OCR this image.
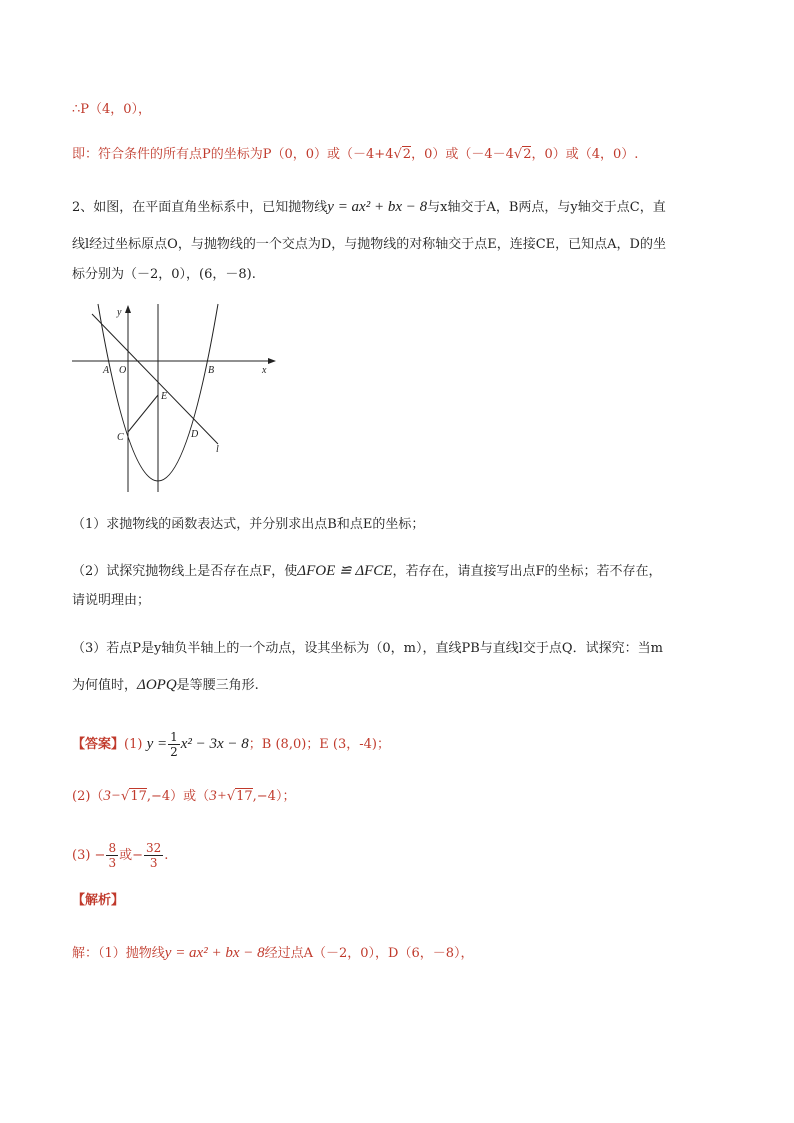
∴P（4，0），
即：符合条件的所有点P的坐标为P（0，0）或（－4+4√2，0）或（－4－4√2，0）或（4，0）.
2、如图，在平面直角坐标系中，已知抛物线y = ax² + bx − 8与x轴交于A，B两点，与y轴交于点C，直
线l经过坐标原点O，与抛物线的一个交点为D，与抛物线的对称轴交于点E，连接CE，已知点A，D的坐
标分别为（－2，0），(6，－8).
y
x
A O	B
E
C	D
l
（1）求抛物线的函数表达式，并分别求出点B和点E的坐标；
（2）试探究抛物线上是否存在点F，使ΔFOE ≌ ΔFCE，若存在，请直接写出点F的坐标；若不存在，
请说明理由；
（3）若点P是y轴负半轴上的一个动点，设其坐标为（0，m），直线PB与直线l交于点Q．试探究：当m
为何值时，ΔOPQ是等腰三角形.
【答案】(1) $y = \frac{1}{2} x^2 - 3x - 8$；B (8,0)；E (3，-4)；
(2)（3−√17,−4）或（3+√17,−4）；
$(3) - \frac{8}{3}$ 或− $\frac{32}{3}$ .
【解析】
解：（1）抛物线y = ax² + bx − 8经过点A（－2，0），D（6，－8），
